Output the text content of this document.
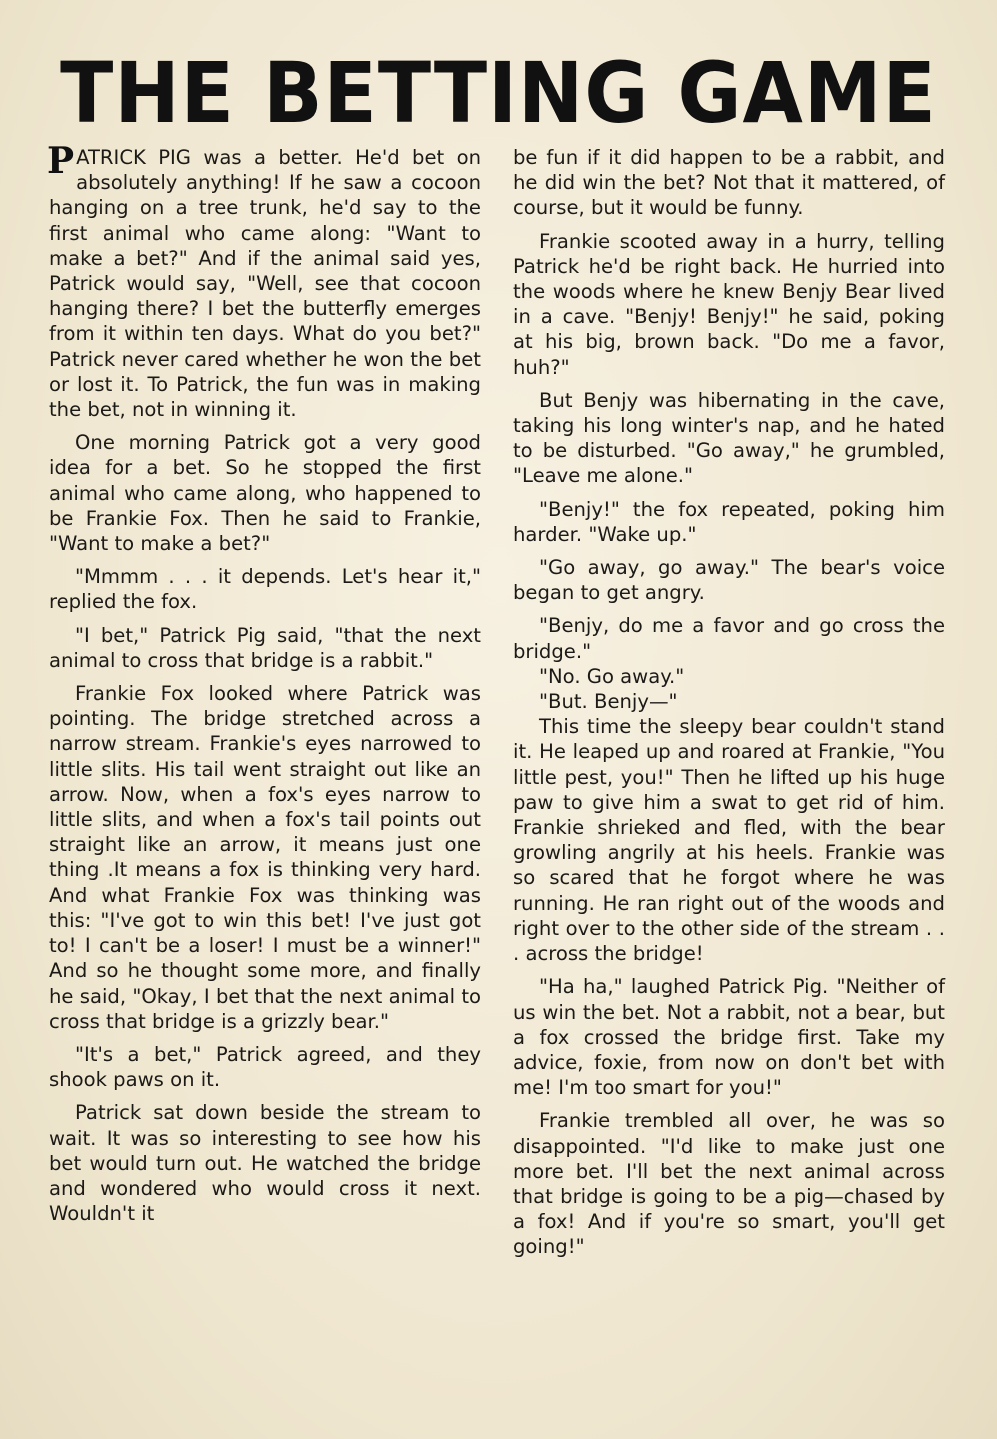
THE BETTING GAME

PATRICK PIG was a better. He'd bet on absolutely anything! If he saw a cocoon hanging on a tree trunk, he'd say to the first animal who came along: "Want to make a bet?" And if the animal said yes, Patrick would say, "Well, see that cocoon hanging there? I bet the butterfly emerges from it within ten days. What do you bet?" Patrick never cared whether he won the bet or lost it. To Patrick, the fun was in making the bet, not in winning it.

One morning Patrick got a very good idea for a bet. So he stopped the first animal who came along, who happened to be Frankie Fox. Then he said to Frankie, "Want to make a bet?"

"Mmmm . . . it depends. Let's hear it," replied the fox.

"I bet," Patrick Pig said, "that the next animal to cross that bridge is a rabbit."

Frankie Fox looked where Patrick was pointing. The bridge stretched across a narrow stream. Frankie's eyes narrowed to little slits. His tail went straight out like an arrow. Now, when a fox's eyes narrow to little slits, and when a fox's tail points out straight like an arrow, it means just one thing .It means a fox is thinking very hard. And what Frankie Fox was thinking was this: "I've got to win this bet! I've just got to! I can't be a loser! I must be a winner!" And so he thought some more, and finally he said, "Okay, I bet that the next animal to cross that bridge is a grizzly bear."

"It's a bet," Patrick agreed, and they shook paws on it.

Patrick sat down beside the stream to wait. It was so interesting to see how his bet would turn out. He watched the bridge and wondered who would cross it next. Wouldn't it

be fun if it did happen to be a rabbit, and he did win the bet? Not that it mattered, of course, but it would be funny.

Frankie scooted away in a hurry, telling Patrick he'd be right back. He hurried into the woods where he knew Benjy Bear lived in a cave. "Benjy! Benjy!" he said, poking at his big, brown back. "Do me a favor, huh?"

But Benjy was hibernating in the cave, taking his long winter's nap, and he hated to be disturbed. "Go away," he grumbled, "Leave me alone."

"Benjy!" the fox repeated, poking him harder. "Wake up."

"Go away, go away." The bear's voice began to get angry.

"Benjy, do me a favor and go cross the bridge."

"No. Go away."

"But. Benjy—"

This time the sleepy bear couldn't stand it. He leaped up and roared at Frankie, "You little pest, you!" Then he lifted up his huge paw to give him a swat to get rid of him. Frankie shrieked and fled, with the bear growling angrily at his heels. Frankie was so scared that he forgot where he was running. He ran right out of the woods and right over to the other side of the stream . . . across the bridge!

"Ha ha," laughed Patrick Pig. "Neither of us win the bet. Not a rabbit, not a bear, but a fox crossed the bridge first. Take my advice, foxie, from now on don't bet with me! I'm too smart for you!"

Frankie trembled all over, he was so disappointed. "I'd like to make just one more bet. I'll bet the next animal across that bridge is going to be a pig—chased by a fox! And if you're so smart, you'll get going!"
